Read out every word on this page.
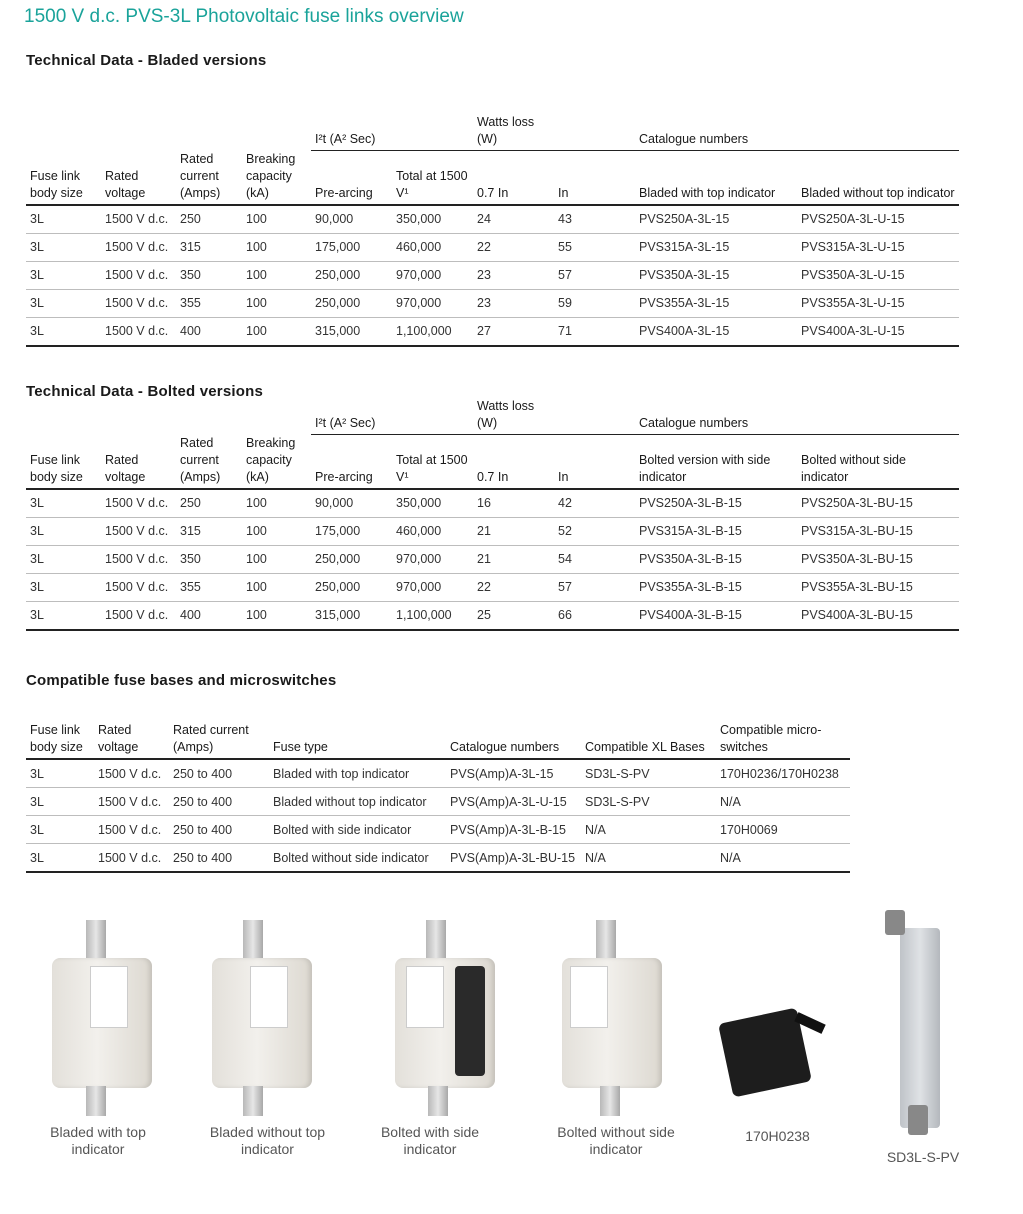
1500 V d.c. PVS-3L Photovoltaic fuse links overview
Technical Data - Bladed versions
				I²t (A² Sec)		Watts loss
(W)		Catalogue numbers	
Fuse link body size	Rated voltage	Rated current (Amps)	Breaking capacity (kA)	Pre-arcing	Total at 1500 V¹	0.7 In	In	Bladed with top indicator	Bladed without top indicator
3L	1500 V d.c.	250	100	90,000	350,000	24	43	PVS250A-3L-15	PVS250A-3L-U-15
3L	1500 V d.c.	315	100	175,000	460,000	22	55	PVS315A-3L-15	PVS315A-3L-U-15
3L	1500 V d.c.	350	100	250,000	970,000	23	57	PVS350A-3L-15	PVS350A-3L-U-15
3L	1500 V d.c.	355	100	250,000	970,000	23	59	PVS355A-3L-15	PVS355A-3L-U-15
3L	1500 V d.c.	400	100	315,000	1,100,000	27	71	PVS400A-3L-15	PVS400A-3L-U-15
Technical Data - Bolted versions
				I²t (A² Sec)		Watts loss
(W)		Catalogue numbers	
Fuse link body size	Rated voltage	Rated current (Amps)	Breaking capacity (kA)	Pre-arcing	Total at 1500 V¹	0.7 In	In	Bolted version with side indicator	Bolted without side indicator
3L	1500 V d.c.	250	100	90,000	350,000	16	42	PVS250A-3L-B-15	PVS250A-3L-BU-15
3L	1500 V d.c.	315	100	175,000	460,000	21	52	PVS315A-3L-B-15	PVS315A-3L-BU-15
3L	1500 V d.c.	350	100	250,000	970,000	21	54	PVS350A-3L-B-15	PVS350A-3L-BU-15
3L	1500 V d.c.	355	100	250,000	970,000	22	57	PVS355A-3L-B-15	PVS355A-3L-BU-15
3L	1500 V d.c.	400	100	315,000	1,100,000	25	66	PVS400A-3L-B-15	PVS400A-3L-BU-15
Compatible fuse bases and microswitches
Fuse link body size	Rated voltage	Rated current (Amps)	Fuse type	Catalogue numbers	Compatible XL Bases	Compatible micro-switches
3L	1500 V d.c.	250 to 400	Bladed with top indicator	PVS(Amp)A-3L-15	SD3L-S-PV	170H0236/170H0238
3L	1500 V d.c.	250 to 400	Bladed without top indicator	PVS(Amp)A-3L-U-15	SD3L-S-PV	N/A
3L	1500 V d.c.	250 to 400	Bolted with side indicator	PVS(Amp)A-3L-B-15	N/A	170H0069
3L	1500 V d.c.	250 to 400	Bolted without side indicator	PVS(Amp)A-3L-BU-15	N/A	N/A
Bladed with top indicator
Bladed without top indicator
Bolted with side indicator
Bolted without side indicator
170H0238
SD3L-S-PV
